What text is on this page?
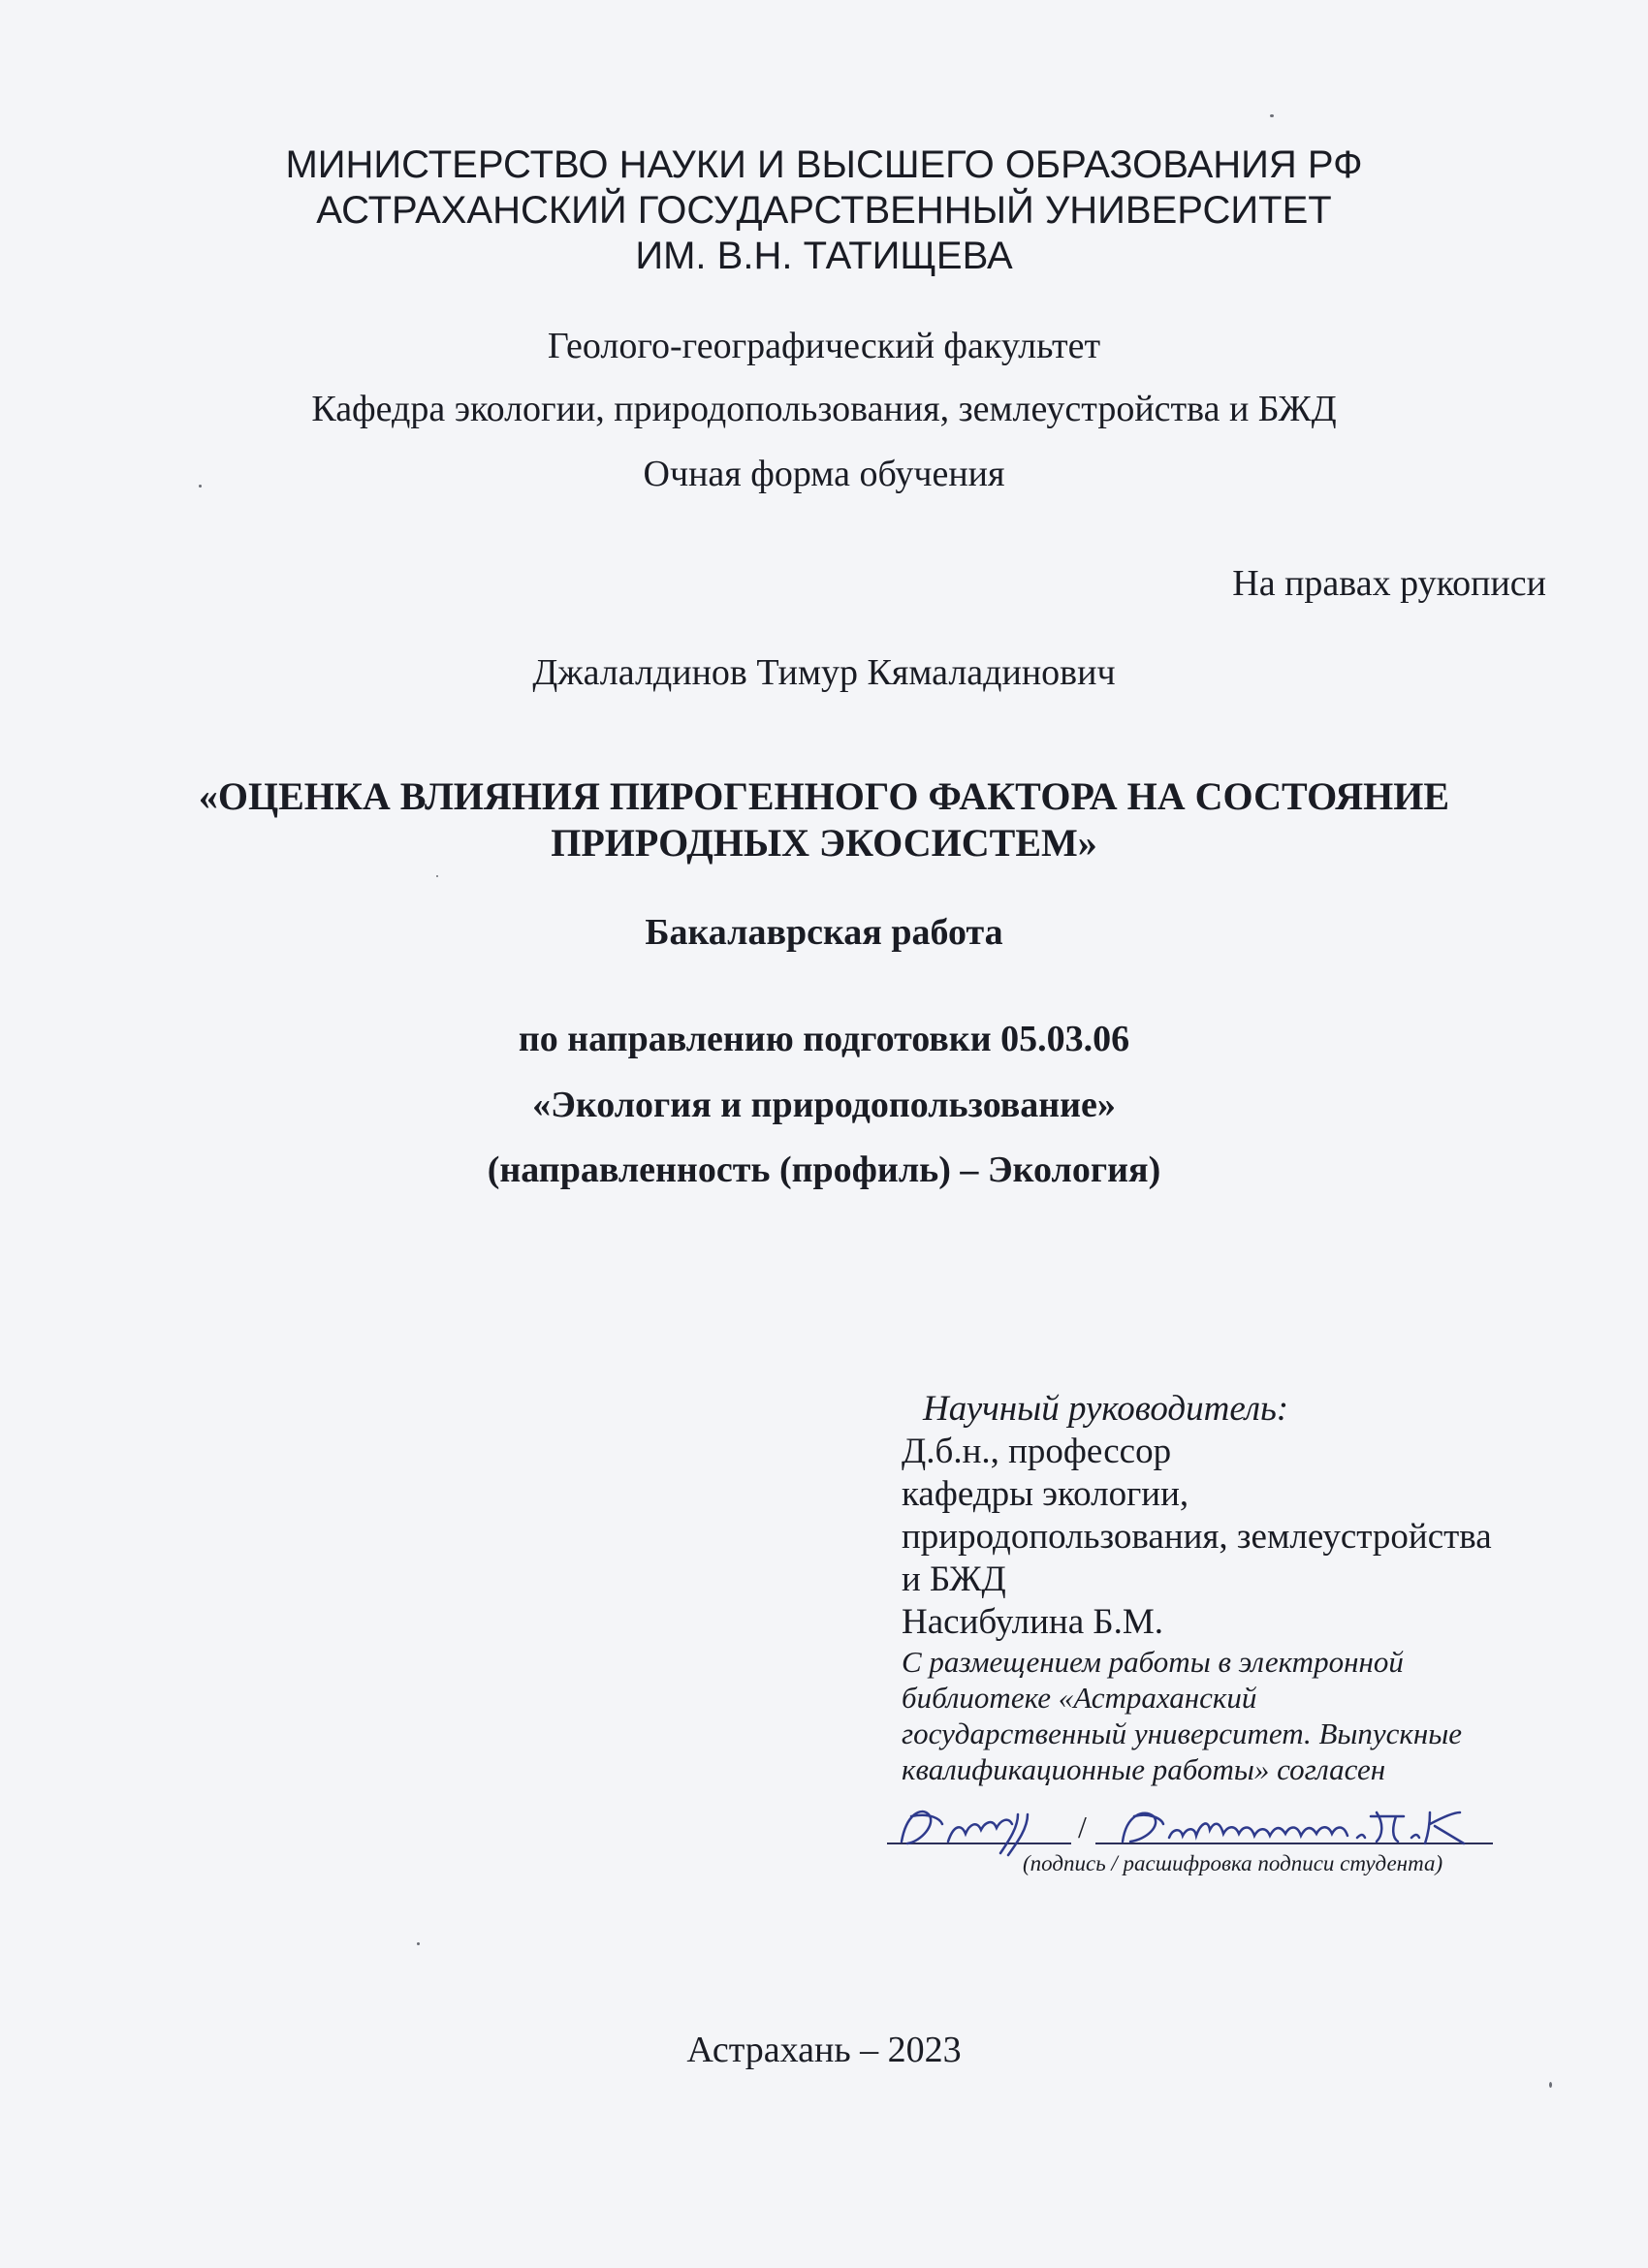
МИНИСТЕРСТВО НАУКИ И ВЫСШЕГО ОБРАЗОВАНИЯ РФ
АСТРАХАНСКИЙ ГОСУДАРСТВЕННЫЙ УНИВЕРСИТЕТ
ИМ. В.Н. ТАТИЩЕВА
Геолого-географический факультет
Кафедра экологии, природопользования, землеустройства и БЖД
Очная форма обучения
На правах рукописи
Джалалдинов Тимур Кямаладинович
«ОЦЕНКА ВЛИЯНИЯ ПИРОГЕННОГО ФАКТОРА НА СОСТОЯНИЕ
ПРИРОДНЫХ ЭКОСИСТЕМ»
Бакалаврская работа
по направлению подготовки 05.03.06
«Экология и природопользование»
(направленность (профиль) – Экология)
Научный руководитель:
Д.б.н., профессор
кафедры экологии,
природопользования, землеустройства
и БЖД
Насибулина Б.М.
С размещением работы в электронной
библиотеке «Астраханский
государственный университет. Выпускные
квалификационные работы» согласен
/
(подпись / расшифровка подписи студента)
Астрахань – 2023
